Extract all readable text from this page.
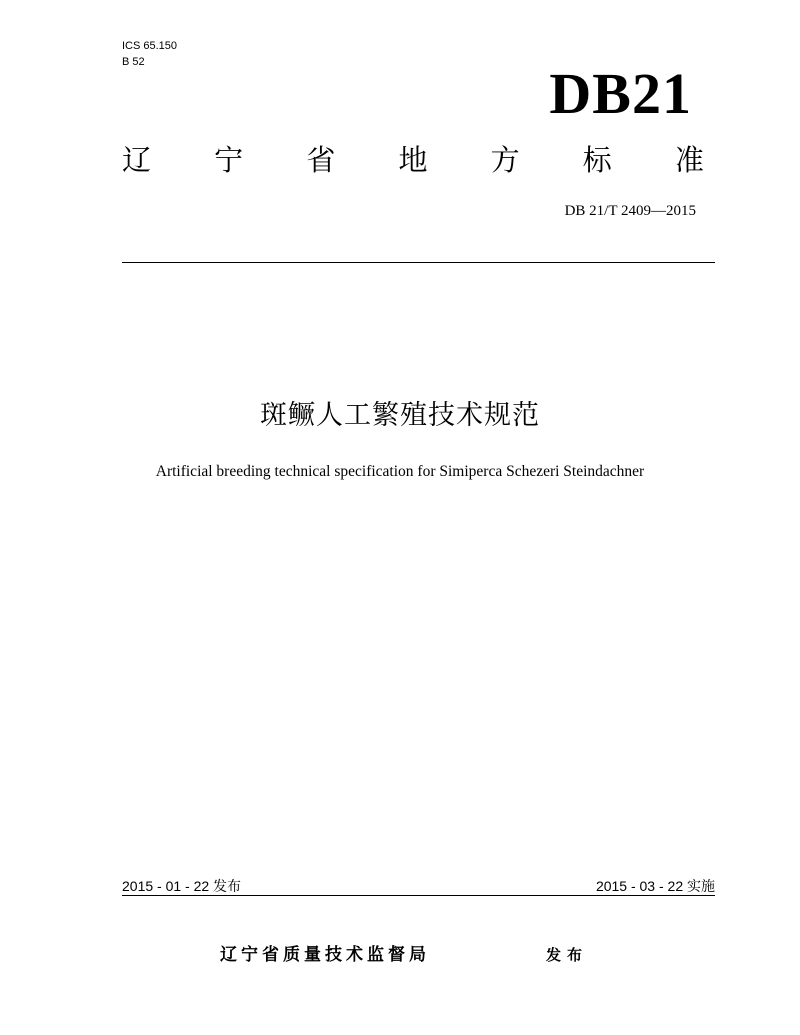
ICS 65.150
B 52	DB21
辽 宁 省 地 方 标 准
DB 21/T 2409—2015
斑鳜人工繁殖技术规范
Artificial breeding technical specification for Simiperca Schezeri Steindachner
2015 - 01 - 22 发布	2015 - 03 - 22 实施
辽宁省质量技术监督局	发布
